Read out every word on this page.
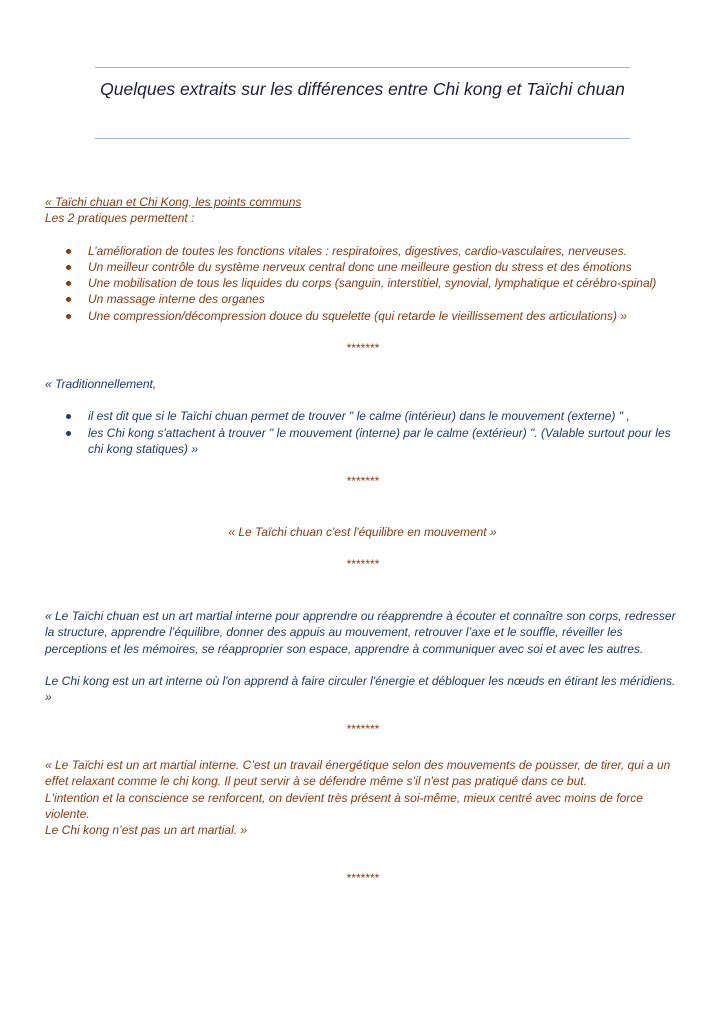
Quelques extraits sur les différences entre Chi kong et Taïchi chuan

« Taïchi chuan et Chi Kong, les points communs

Les 2 pratiques permettent :

L’amélioration de toutes les fonctions vitales : respiratoires, digestives, cardio-vasculaires, nerveuses.
Un meilleur contrôle du système nerveux central donc une meilleure gestion du stress et des émotions
Une mobilisation de tous les liquides du corps (sanguin, interstitiel, synovial, lymphatique et cérébro-spinal)
Un massage interne des organes
Une compression/décompression douce du squelette (qui retarde le vieillissement des articulations) »
*******

« Traditionnellement,

il est dit que si le Taïchi chuan permet de trouver " le calme (intérieur) dans le mouvement (externe) " ,
les Chi kong s'attachent à trouver " le mouvement (interne) par le calme (extérieur) ". (Valable surtout pour les chi kong statiques) »
*******
« Le Taïchi chuan c'est l'équilibre en mouvement »
*******

« Le Taïchi chuan est un art martial interne pour apprendre ou réapprendre à écouter et connaître son corps, redresser la structure, apprendre l’équilibre, donner des appuis au mouvement, retrouver l’axe et le souffle, réveiller les perceptions et les mémoires, se réapproprier son espace, apprendre à communiquer avec soi et avec les autres.

Le Chi kong est un art interne où l'on apprend à faire circuler l'énergie et débloquer les nœuds en étirant les méridiens. »

*******

« Le Taïchi est un art martial interne. C’est un travail énergétique selon des mouvements de pousser, de tirer, qui a un effet relaxant comme le chi kong. Il peut servir à se défendre même s’il n'est pas pratiqué dans ce but.

L'intention et la conscience se renforcent, on devient très présent à soi-même, mieux centré avec moins de force violente.

Le Chi kong n’est pas un art martial. »

*******
